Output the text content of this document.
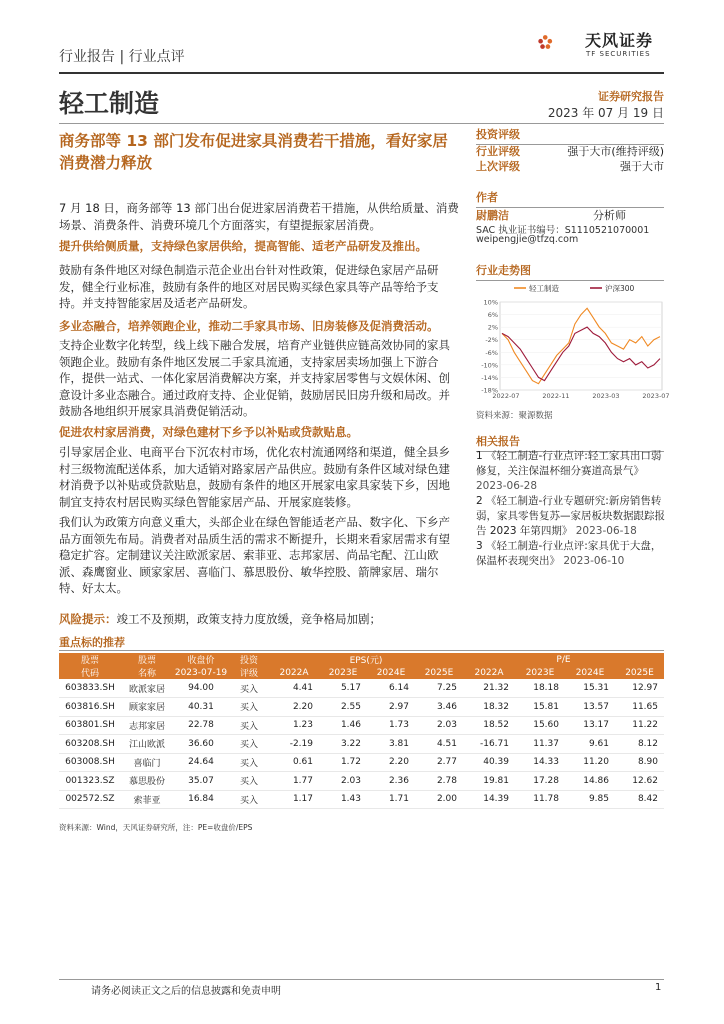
行业报告 | 行业点评
天风证券
TF SECURITIES
轻工制造	证券研究报告
2023 年 07 月 19 日
商务部等 13 部门发布促进家具消费若干措施，看好家居消费潜力释放
7 月 18 日，商务部等 13 部门出台促进家居消费若干措施，从供给质量、消费场景、消费条件、消费环境几个方面落实，有望提振家居消费。
提升供给侧质量，支持绿色家居供给，提高智能、适老产品研发及推出。
鼓励有条件地区对绿色制造示范企业出台针对性政策，促进绿色家居产品研发，健全行业标准，鼓励有条件的地区对居民购买绿色家具等产品等给予支持。并支持智能家居及适老产品研发。
多业态融合，培养领跑企业，推动二手家具市场、旧房装修及促消费活动。
支持企业数字化转型，线上线下融合发展，培育产业链供应链高效协同的家具领跑企业。鼓励有条件地区发展二手家具流通，支持家居卖场加强上下游合作，提供一站式、一体化家居消费解决方案，并支持家居零售与文娱休闲、创意设计多业态融合。通过政府支持、企业促销，鼓励居民旧房升级和局改。并鼓励各地组织开展家具消费促销活动。
促进农村家居消费，对绿色建材下乡予以补贴或贷款贴息。
引导家居企业、电商平台下沉农村市场，优化农村流通网络和渠道，健全县乡村三级物流配送体系，加大适销对路家居产品供应。鼓励有条件区域对绿色建材消费予以补贴或贷款贴息，鼓励有条件的地区开展家电家具家装下乡，因地制宜支持农村居民购买绿色智能家居产品、开展家庭装修。
我们认为政策方向意义重大，头部企业在绿色智能适老产品、数字化、下乡产品方面领先布局。消费者对品质生活的需求不断提升，长期来看家居需求有望稳定扩容。定制建议关注欧派家居、索菲亚、志邦家居、尚品宅配、江山欧派、森鹰窗业、顾家家居、喜临门、慕思股份、敏华控股、箭牌家居、瑞尔特、好太太。
投资评级
行业评级	强于大市(维持评级)
上次评级	强于大市
作者
尉鹏洁	分析师
SAC 执业证书编号：S1110521070001
weipengjie@tfzq.com
行业走势图
10%
6%
2%
-2%
-6%
-10%
-14%
-18%
2022-07	2022-11	2023-03	2023-07
轻工制造	沪深300
资料来源：聚源数据
相关报告
1 《轻工制造-行业点评:轻工家具出口弱修复，关注保温杯细分赛道高景气》
2023-06-28
2 《轻工制造-行业专题研究:新房销售转弱，家具零售复苏—家居板块数据跟踪报告 2023 年第四期》 2023-06-18
3 《轻工制造-行业点评:家具优于大盘，保温杯表现突出》 2023-06-10
风险提示：竣工不及预期，政策支持力度放缓，竞争格局加剧；
重点标的推荐
股票	股票	收盘价	投资	EPS(元)				P/E			
代码	名称	2023-07-19	评级	2022A	2023E	2024E	2025E	2022A	2023E	2024E	2025E
603833.SH	欧派家居	94.00	买入	4.41	5.17	6.14	7.25	21.32	18.18	15.31	12.97
603816.SH	顾家家居	40.31	买入	2.20	2.55	2.97	3.46	18.32	15.81	13.57	11.65
603801.SH	志邦家居	22.78	买入	1.23	1.46	1.73	2.03	18.52	15.60	13.17	11.22
603208.SH	江山欧派	36.60	买入	-2.19	3.22	3.81	4.51	-16.71	11.37	9.61	8.12
603008.SH	喜临门	24.64	买入	0.61	1.72	2.20	2.77	40.39	14.33	11.20	8.90
001323.SZ	慕思股份	35.07	买入	1.77	2.03	2.36	2.78	19.81	17.28	14.86	12.62
002572.SZ	索菲亚	16.84	买入	1.17	1.43	1.71	2.00	14.39	11.78	9.85	8.42
资料来源：Wind，天风证券研究所，注：PE=收盘价/EPS
请务必阅读正文之后的信息披露和免责申明	1
